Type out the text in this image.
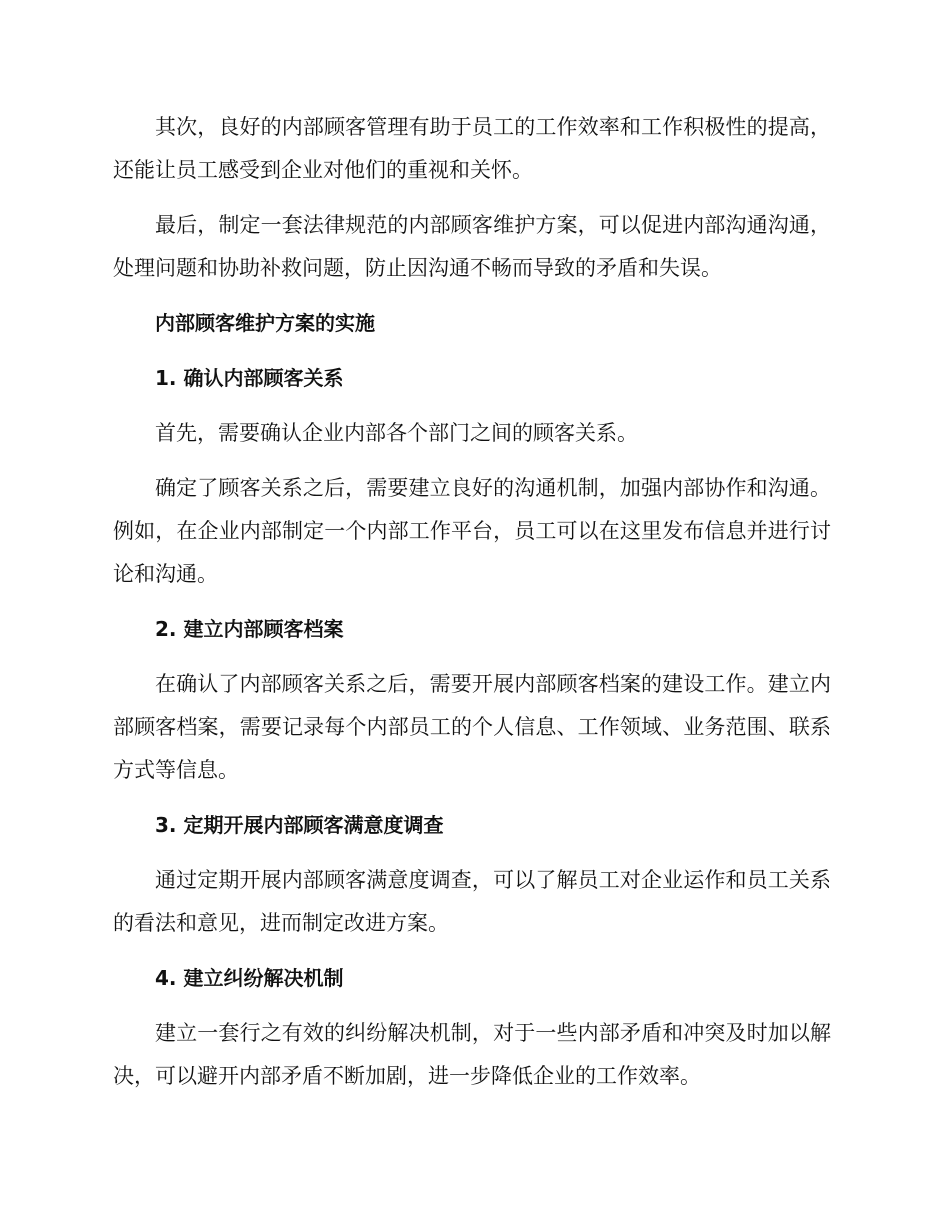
其次，良好的内部顾客管理有助于员工的工作效率和工作积极性的提高，还能让员工感受到企业对他们的重视和关怀。

最后，制定一套法律规范的内部顾客维护方案，可以促进内部沟通沟通，处理问题和协助补救问题，防止因沟通不畅而导致的矛盾和失误。

内部顾客维护方案的实施
1. 确认内部顾客关系

首先，需要确认企业内部各个部门之间的顾客关系。

确定了顾客关系之后，需要建立良好的沟通机制，加强内部协作和沟通。例如，在企业内部制定一个内部工作平台，员工可以在这里发布信息并进行讨论和沟通。

2. 建立内部顾客档案

在确认了内部顾客关系之后，需要开展内部顾客档案的建设工作。建立内部顾客档案，需要记录每个内部员工的个人信息、工作领域、业务范围、联系方式等信息。

3. 定期开展内部顾客满意度调查

通过定期开展内部顾客满意度调查，可以了解员工对企业运作和员工关系的看法和意见，进而制定改进方案。

4. 建立纠纷解决机制

建立一套行之有效的纠纷解决机制，对于一些内部矛盾和冲突及时加以解决，可以避开内部矛盾不断加剧，进一步降低企业的工作效率。
